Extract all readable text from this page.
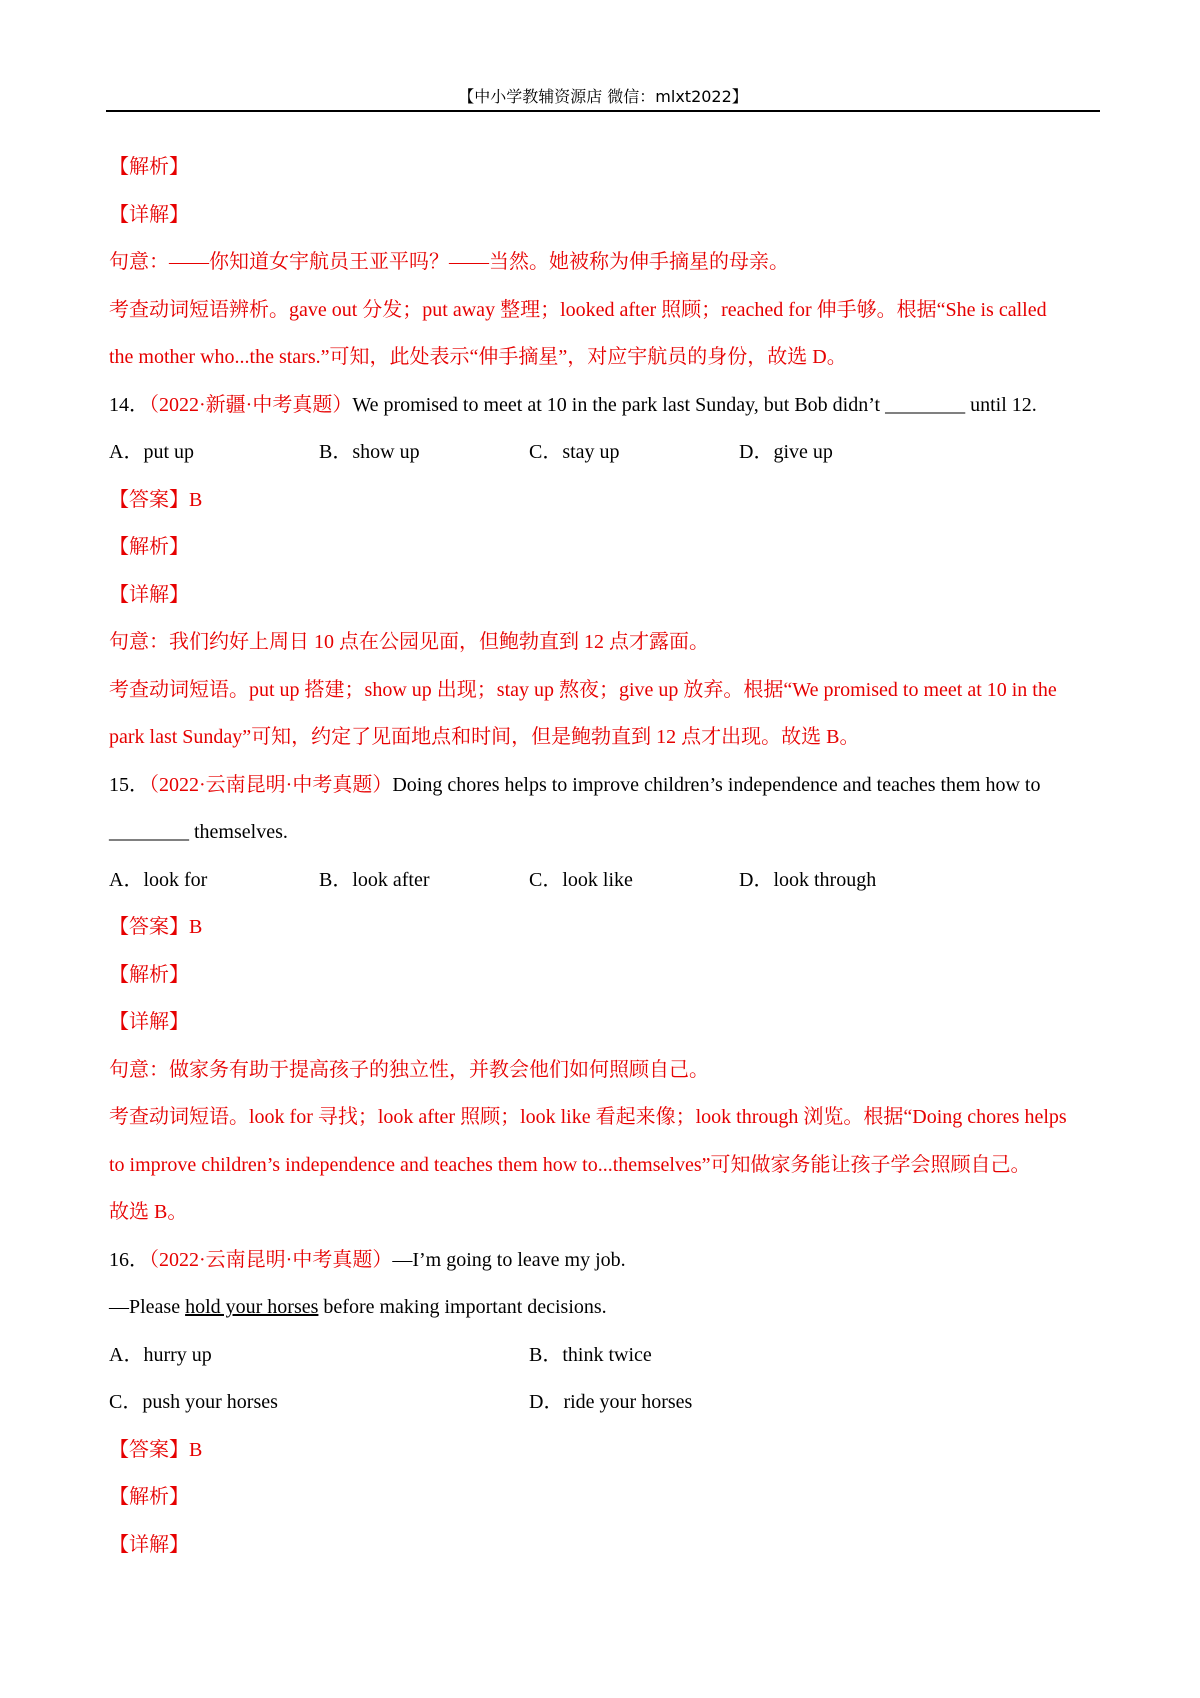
【中小学教辅资源店 微信：mlxt2022】
【解析】
【详解】
句意：——你知道女宇航员王亚平吗？——当然。她被称为伸手摘星的母亲。
考查动词短语辨析。gave out 分发；put away 整理；looked after 照顾；reached for 伸手够。根据“She is called
the mother who...the stars.”可知，此处表示“伸手摘星”，对应宇航员的身份，故选 D。
14．（2022·新疆·中考真题）We promised to meet at 10 in the park last Sunday, but Bob didn’t ________ until 12.
A．put up	B．show up	C．stay up	D．give up
【答案】B
【解析】
【详解】
句意：我们约好上周日 10 点在公园见面，但鲍勃直到 12 点才露面。
考查动词短语。put up 搭建；show up 出现；stay up 熬夜；give up 放弃。根据“We promised to meet at 10 in the
park last Sunday”可知，约定了见面地点和时间，但是鲍勃直到 12 点才出现。故选 B。
15．（2022·云南昆明·中考真题）Doing chores helps to improve children’s independence and teaches them how to
________ themselves.
A．look for	B．look after	C．look like	D．look through
【答案】B
【解析】
【详解】
句意：做家务有助于提高孩子的独立性，并教会他们如何照顾自己。
考查动词短语。look for 寻找；look after 照顾；look like 看起来像；look through 浏览。根据“Doing chores helps
to improve children’s independence and teaches them how to...themselves”可知做家务能让孩子学会照顾自己。
故选 B。
16．（2022·云南昆明·中考真题）—I’m going to leave my job.
—Please hold your horses before making important decisions.
A．hurry up	B．think twice
C．push your horses	D．ride your horses
【答案】B
【解析】
【详解】
